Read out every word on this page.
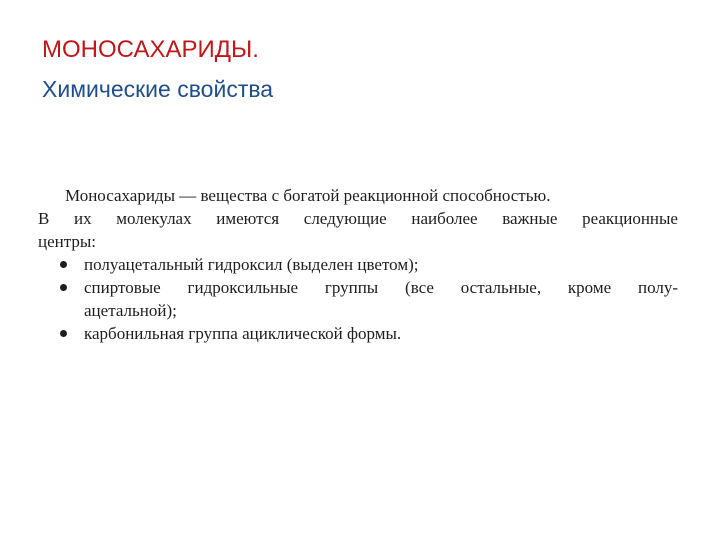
МОНОСАХАРИДЫ.
Химические свойства
Моносахариды — вещества с богатой реакционной способностью.
В их молекулах имеются следующие наиболее важные реакционные
центры:
полуацетальный гидроксил (выделен цветом);
спиртовые гидроксильные группы (все остальные, кроме полу-
ацетальной);
карбонильная группа ациклической формы.
